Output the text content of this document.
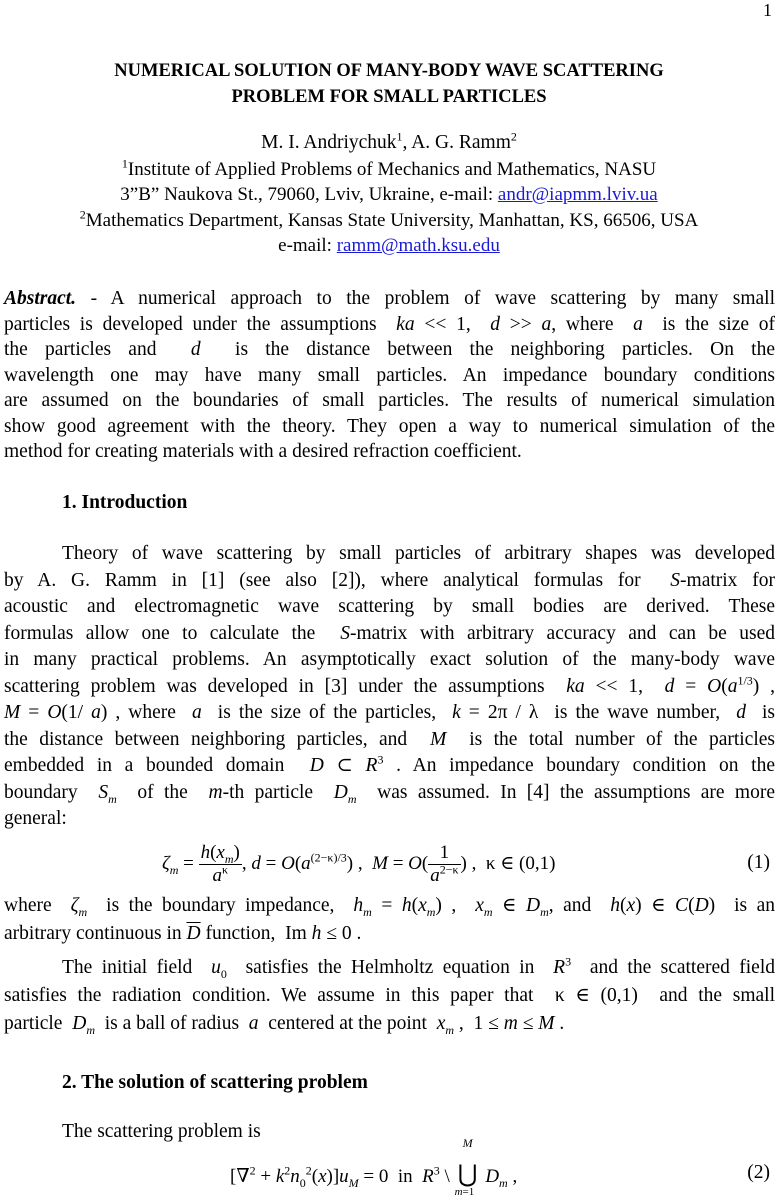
1
NUMERICAL SOLUTION OF MANY-BODY WAVE SCATTERING
PROBLEM FOR SMALL PARTICLES
M. I. Andriychuk$^1$, A. G. Ramm$^2$
$^1$Institute of Applied Problems of Mechanics and Mathematics, NASU
3”B” Naukova St., 79060, Lviv, Ukraine, e-mail: andr@iapmm.lviv.ua
$^2$Mathematics Department, Kansas State University, Manhattan, KS, 66506, USA
e-mail: ramm@math.ksu.edu
Abstract. - A numerical approach to the problem of wave scattering by many small
particles is developed under the assumptions  ka << 1,  d >> a, where  a  is the size of
the particles and  d  is the distance between the neighboring particles. On the
wavelength one may have many small particles. An impedance boundary conditions
are assumed on the boundaries of small particles. The results of numerical simulation
show good agreement with the theory. They open a way to numerical simulation of the
method for creating materials with a desired refraction coefficient.
1. Introduction
Theory of wave scattering by small particles of arbitrary shapes was developed
by A. G. Ramm in [1] (see also [2]), where analytical formulas for  S-matrix for
acoustic and electromagnetic wave scattering by small bodies are derived. These
formulas allow one to calculate the  S-matrix with arbitrary accuracy and can be used
in many practical problems. An asymptotically exact solution of the many-body wave
scattering problem was developed in [3] under the assumptions  ka << 1,  $d = O(a^{1/3})$ ,
M = O(1/ a) , where  a  is the size of the particles,  k = 2π / λ  is the wave number,  d  is
the distance between neighboring particles, and  M  is the total number of the particles
embedded in a bounded domain  D ⊂ $R^3$ . An impedance boundary condition on the
boundary  $S_m$  of the  m-th particle  $D_m$  was assumed. In [4] the assumptions are more
general:
$\zeta_m = \frac{h(x_m)}{a^\kappa}$ , $d = O(a^{(2-\kappa)/3})$ ,  $M = O( \frac{1}{a^{2-\kappa}}$ ) ,  κ ∈ (0,1)	(1)
where  $\zeta_m$  is the boundary impedance,  $h_m = h(x_m)$ ,  $x_m$ ∈ $D_m$, and  h(x) ∈ C(D)  is an
arbitrary continuous in $\overline{D}$ function,  Im h ≤ 0 .
The initial field  $u_0$  satisfies the Helmholtz equation in  $R^3$  and the scattered field
satisfies the radiation condition. We assume in this paper that  κ ∈ (0,1)  and the small
particle  $D_m$  is a ball of radius  a  centered at the point  $x_m$ ,  1 ≤ m ≤ M .
2. The solution of scattering problem
The scattering problem is
$[\nabla^2 + k^2n_0^2(x)]u_M = 0$  in  $R^3$ \
M
⋃
m=1
$D_m$ ,	(2)
